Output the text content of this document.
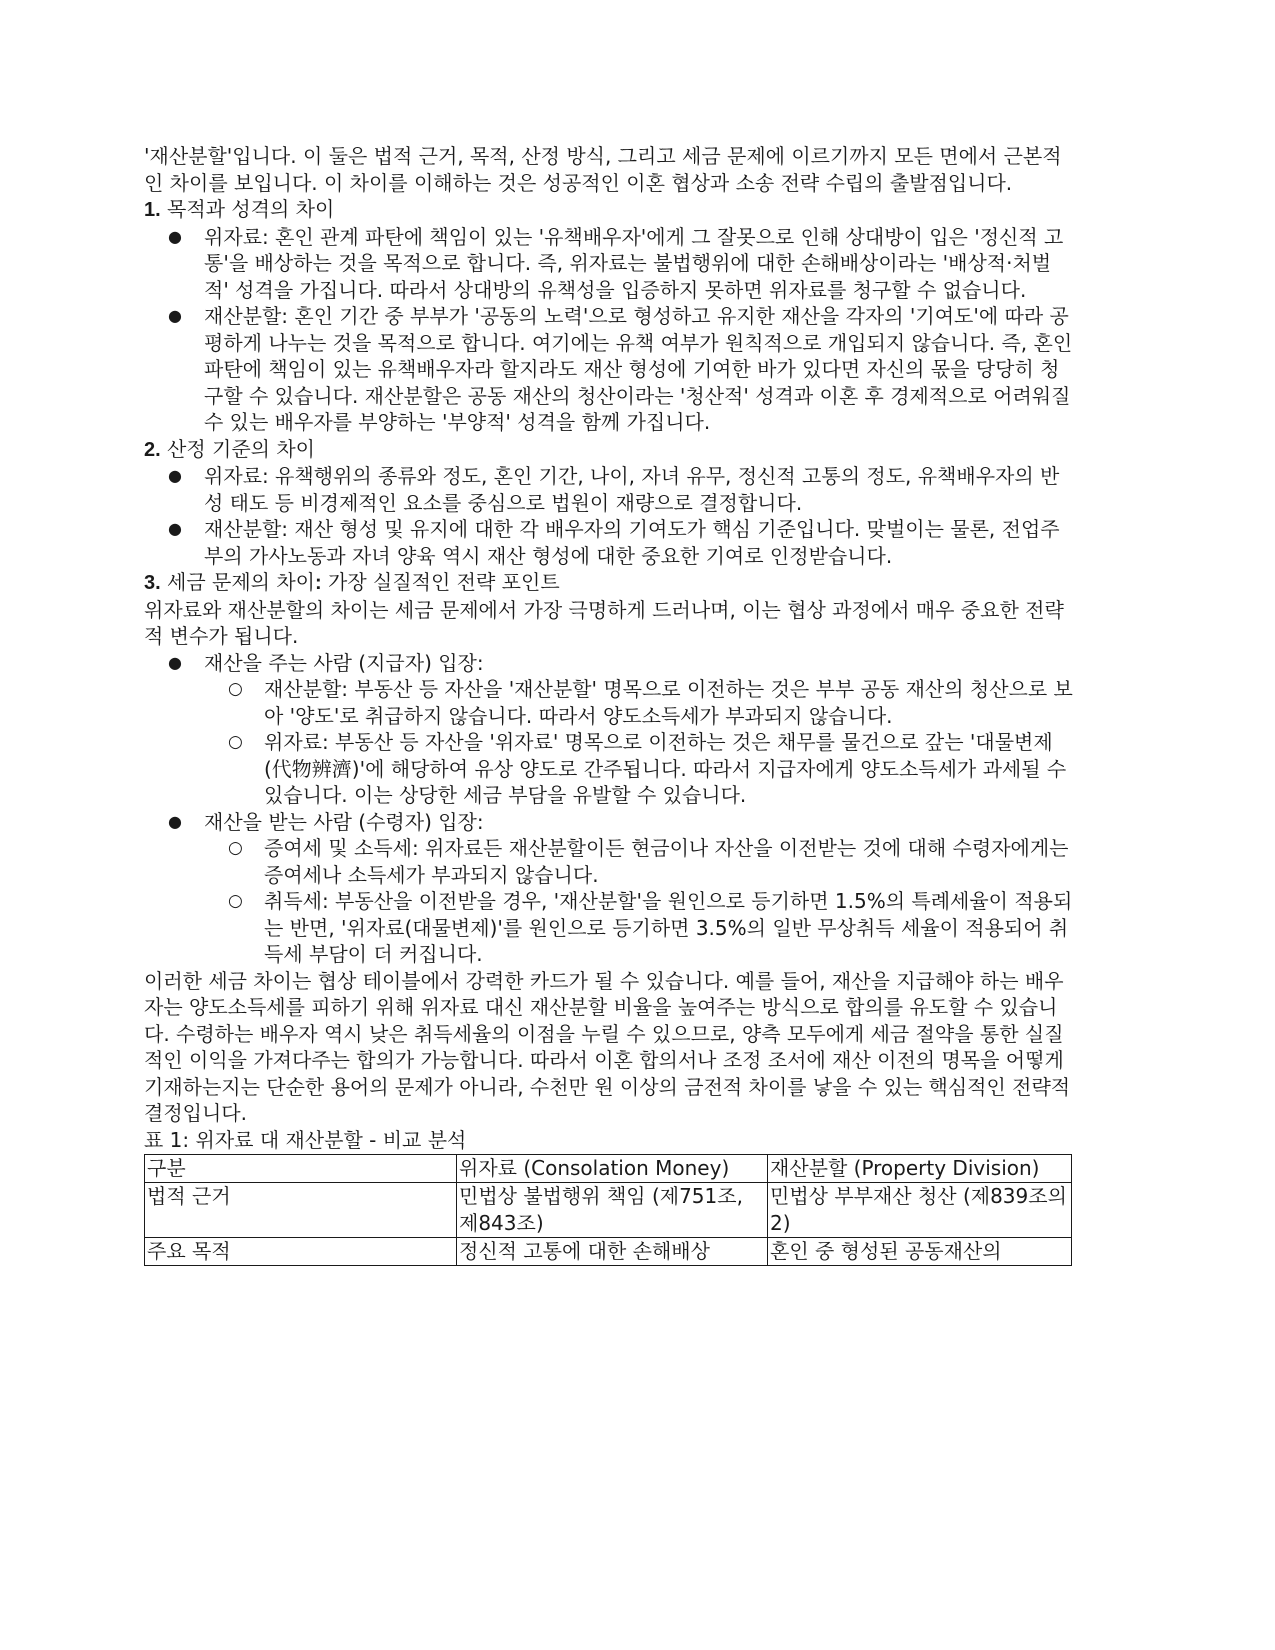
'재산분할'입니다. 이 둘은 법적 근거, 목적, 산정 방식, 그리고 세금 문제에 이르기까지 모든 면에서 근본적인 차이를 보입니다. 이 차이를 이해하는 것은 성공적인 이혼 협상과 소송 전략 수립의 출발점입니다.

1. 목적과 성격의 차이

● 위자료: 혼인 관계 파탄에 책임이 있는 '유책배우자'에게 그 잘못으로 인해 상대방이 입은 '정신적 고통'을 배상하는 것을 목적으로 합니다. 즉, 위자료는 불법행위에 대한 손해배상이라는 '배상적·처벌적' 성격을 가집니다. 따라서 상대방의 유책성을 입증하지 못하면 위자료를 청구할 수 없습니다.
● 재산분할: 혼인 기간 중 부부가 '공동의 노력'으로 형성하고 유지한 재산을 각자의 '기여도'에 따라 공평하게 나누는 것을 목적으로 합니다. 여기에는 유책 여부가 원칙적으로 개입되지 않습니다. 즉, 혼인 파탄에 책임이 있는 유책배우자라 할지라도 재산 형성에 기여한 바가 있다면 자신의 몫을 당당히 청구할 수 있습니다. 재산분할은 공동 재산의 청산이라는 '청산적' 성격과 이혼 후 경제적으로 어려워질 수 있는 배우자를 부양하는 '부양적' 성격을 함께 가집니다.

2. 산정 기준의 차이

● 위자료: 유책행위의 종류와 정도, 혼인 기간, 나이, 자녀 유무, 정신적 고통의 정도, 유책배우자의 반성 태도 등 비경제적인 요소를 중심으로 법원이 재량으로 결정합니다.
● 재산분할: 재산 형성 및 유지에 대한 각 배우자의 기여도가 핵심 기준입니다. 맞벌이는 물론, 전업주부의 가사노동과 자녀 양육 역시 재산 형성에 대한 중요한 기여로 인정받습니다.

3. 세금 문제의 차이: 가장 실질적인 전략 포인트

위자료와 재산분할의 차이는 세금 문제에서 가장 극명하게 드러나며, 이는 협상 과정에서 매우 중요한 전략적 변수가 됩니다.

● 재산을 주는 사람 (지급자) 입장:
○ 재산분할: 부동산 등 자산을 '재산분할' 명목으로 이전하는 것은 부부 공동 재산의 청산으로 보아 '양도'로 취급하지 않습니다. 따라서 양도소득세가 부과되지 않습니다.
○ 위자료: 부동산 등 자산을 '위자료' 명목으로 이전하는 것은 채무를 물건으로 갚는 '대물변제(代物辨濟)'에 해당하여 유상 양도로 간주됩니다. 따라서 지급자에게 양도소득세가 과세될 수 있습니다. 이는 상당한 세금 부담을 유발할 수 있습니다.
● 재산을 받는 사람 (수령자) 입장:
○ 증여세 및 소득세: 위자료든 재산분할이든 현금이나 자산을 이전받는 것에 대해 수령자에게는 증여세나 소득세가 부과되지 않습니다.
○ 취득세: 부동산을 이전받을 경우, '재산분할'을 원인으로 등기하면 1.5%의 특례세율이 적용되는 반면, '위자료(대물변제)'를 원인으로 등기하면 3.5%의 일반 무상취득 세율이 적용되어 취득세 부담이 더 커집니다.

이러한 세금 차이는 협상 테이블에서 강력한 카드가 될 수 있습니다. 예를 들어, 재산을 지급해야 하는 배우자는 양도소득세를 피하기 위해 위자료 대신 재산분할 비율을 높여주는 방식으로 합의를 유도할 수 있습니다. 수령하는 배우자 역시 낮은 취득세율의 이점을 누릴 수 있으므로, 양측 모두에게 세금 절약을 통한 실질적인 이익을 가져다주는 합의가 가능합니다. 따라서 이혼 합의서나 조정 조서에 재산 이전의 명목을 어떻게 기재하는지는 단순한 용어의 문제가 아니라, 수천만 원 이상의 금전적 차이를 낳을 수 있는 핵심적인 전략적 결정입니다.

표 1: 위자료 대 재산분할 - 비교 분석

구분	위자료 (Consolation Money)	재산분할 (Property Division)
법적 근거	민법상 불법행위 책임 (제751조, 제843조)	민법상 부부재산 청산 (제839조의2)
주요 목적	정신적 고통에 대한 손해배상	혼인 중 형성된 공동재산의
